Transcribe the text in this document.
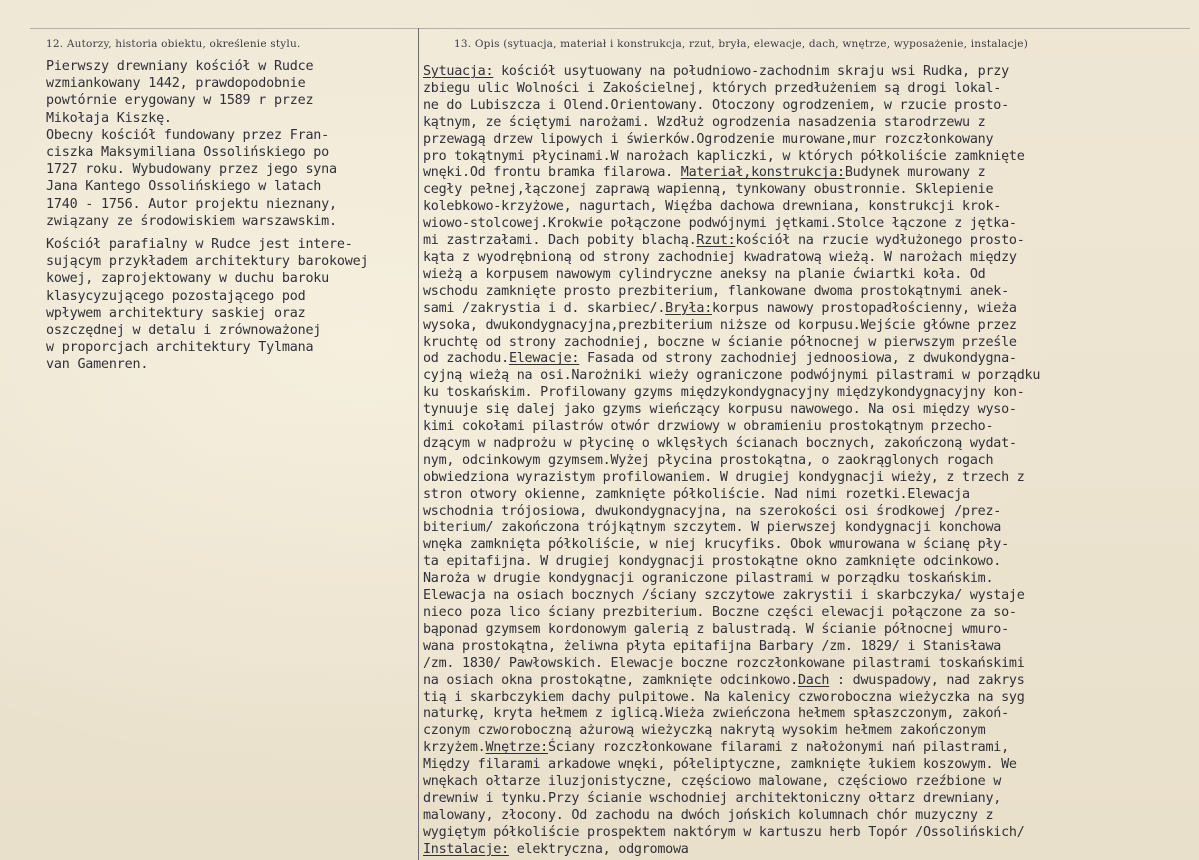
12. Autorzy, historia obiektu, określenie stylu.	13. Opis (sytuacja, materiał i konstrukcja, rzut, bryła, elewacje, dach, wnętrze, wyposażenie, instalacje)
Pierwszy drewniany kościół w Rudce
wzmiankowany 1442, prawdopodobnie
powtórnie erygowany w 1589 r przez
Mikołaja Kiszkę.
Obecny kościół fundowany przez Fran-
ciszka Maksymiliana Ossolińskiego po
1727 roku. Wybudowany przez jego syna
Jana Kantego Ossolińskiego w latach
1740 - 1756. Autor projektu nieznany,
związany ze środowiskiem warszawskim.
Kościół parafialny w Rudce jest intere-
sującym przykładem architektury barokowej
kowej, zaprojektowany w duchu baroku
klasycyzującego pozostającego pod
wpływem architektury saskiej oraz
oszczędnej w detalu i zrównoważonej
w proporcjach architektury Tylmana
van Gamenren.
Sytuacja: kościół usytuowany na południowo-zachodnim skraju wsi Rudka, przy
zbiegu ulic Wolności i Zakościelnej, których przedłużeniem są drogi lokal-
ne do Lubiszcza i Olend.Orientowany. Otoczony ogrodzeniem, w rzucie prosto-
kątnym, ze ściętymi narożami. Wzdłuż ogrodzenia nasadzenia starodrzewu z
przewagą drzew lipowych i świerków.Ogrodzenie murowane,mur rozczłonkowany
pro tokątnymi płycinami.W narożach kapliczki, w których półkoliście zamknięte
wnęki.Od frontu bramka filarowa. Materiał,konstrukcja:Budynek murowany z
cegły pełnej,łączonej zaprawą wapienną, tynkowany obustronnie. Sklepienie
kolebkowo-krzyżowe, nagurtach, Więźba dachowa drewniana, konstrukcji krok-
wiowo-stolcowej.Krokwie połączone podwójnymi jętkami.Stolce łączone z jętka-
mi zastrzałami. Dach pobity blachą.Rzut:kościół na rzucie wydłużonego prosto-
kąta z wyodrębnioną od strony zachodniej kwadratową wieżą. W narożach między
wieżą a korpusem nawowym cylindryczne aneksy na planie ćwiartki koła. Od
wschodu zamknięte prosto prezbiterium, flankowane dwoma prostokątnymi anek-
sami /zakrystia i d. skarbiec/.Bryła:korpus nawowy prostopadłościenny, wieża
wysoka, dwukondygnacyjna,prezbiterium niższe od korpusu.Wejście główne przez
kruchtę od strony zachodniej, boczne w ścianie północnej w pierwszym prześle
od zachodu.Elewacje: Fasada od strony zachodniej jednoosiowa, z dwukondygna-
cyjną wieżą na osi.Narożniki wieży ograniczone podwójnymi pilastrami w porządku
ku toskańskim. Profilowany gzyms międzykondygnacyjny międzykondygnacyjny kon-
tynuuje się dalej jako gzyms wieńczący korpusu nawowego. Na osi między wyso-
kimi cokołami pilastrów otwór drzwiowy w obramieniu prostokątnym przecho-
dzącym w nadprożu w płycinę o wklęsłych ścianach bocznych, zakończoną wydat-
nym, odcinkowym gzymsem.Wyżej płycina prostokątna, o zaokrąglonych rogach
obwiedziona wyrazistym profilowaniem. W drugiej kondygnacji wieży, z trzech z
stron otwory okienne, zamknięte półkoliście. Nad nimi rozetki.Elewacja
wschodnia trójosiowa, dwukondygnacyjna, na szerokości osi środkowej /prez-
biterium/ zakończona trójkątnym szczytem. W pierwszej kondygnacji konchowa
wnęka zamknięta półkoliście, w niej krucyfiks. Obok wmurowana w ścianę pły-
ta epitafijna. W drugiej kondygnacji prostokątne okno zamknięte odcinkowo.
Naroża w drugie kondygnacji ograniczone pilastrami w porządku toskańskim.
Elewacja na osiach bocznych /ściany szczytowe zakrystii i skarbczyka/ wystaje
nieco poza lico ściany prezbiterium. Boczne części elewacji połączone za so-
bąponad gzymsem kordonowym galerią z balustradą. W ścianie północnej wmuro-
wana prostokątna, żeliwna płyta epitafijna Barbary /zm. 1829/ i Stanisława
/zm. 1830/ Pawłowskich. Elewacje boczne rozczłonkowane pilastrami toskańskimi
na osiach okna prostokątne, zamknięte odcinkowo.Dach : dwuspadowy, nad zakrys
tią i skarbczykiem dachy pulpitowe. Na kalenicy czworoboczna wieżyczka na syg
naturkę, kryta hełmem z iglicą.Wieża zwieńczona hełmem spłaszczonym, zakoń-
czonym czworoboczną ażurową wieżyczką nakrytą wysokim hełmem zakończonym
krzyżem.Wnętrze:Ściany rozczłonkowane filarami z nałożonymi nań pilastrami,
Między filarami arkadowe wnęki, półeliptyczne, zamknięte łukiem koszowym. We
wnękach ołtarze iluzjonistyczne, częściowo malowane, częściowo rzeźbione w
drewniw i tynku.Przy ścianie wschodniej architektoniczny ołtarz drewniany,
malowany, złocony. Od zachodu na dwóch jońskich kolumnach chór muzyczny z
wygiętym półkoliście prospektem naktórym w kartuszu herb Topór /Ossolińskich/
Instalacje: elektryczna, odgromowa
